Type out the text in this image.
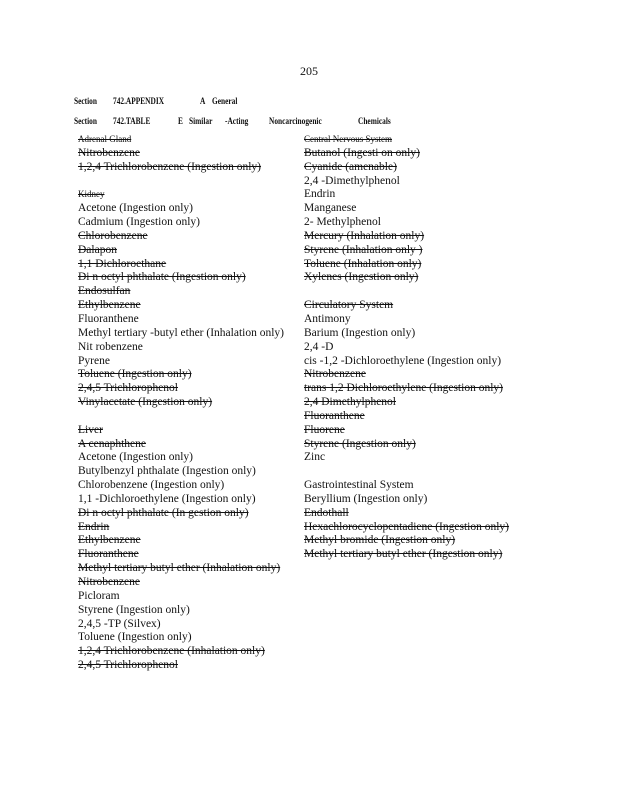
205
Section 742.APPENDIX	A General
Section 742.TABLE	E Similar -Acting Noncarcinogenic	Chemicals
Adrenal Gland
Nitrobenzene
1,2,4 Trichlorobenzene (Ingestion only)
Kidney
Acetone (Ingestion only)
Cadmium (Ingestion only)
Chlorobenzene
Dalapon
1,1 Dichloroethane
Di n octyl phthalate (Ingestion only)
Endosulfan
Ethylbenzene
Fluoranthene
Methyl tertiary -butyl ether (Inhalation only)
Nit robenzene
Pyrene
Toluene (Ingestion only)
2,4,5 Trichlorophenol
Vinylacetate (Ingestion only)
Liver
A cenaphthene
Acetone (Ingestion only)
Butylbenzyl phthalate (Ingestion only)
Chlorobenzene (Ingestion only)
1,1 -Dichloroethylene (Ingestion only)
Di n octyl phthalate (In gestion only)
Endrin
Ethylbenzene
Fluoranthene
Methyl tertiary butyl ether (Inhalation only)
Nitrobenzene
Picloram
Styrene (Ingestion only)
2,4,5 -TP (Silvex)
Toluene (Ingestion only)
1,2,4 Trichlorobenzene (Inhalation only)
2,4,5 Trichlorophenol
Central Nervous System
Butanol (Ingesti on only)
Cyanide (amenable)
2,4 -Dimethylphenol
Endrin
Manganese
2- Methylphenol
Mercury (Inhalation only)
Styrene (Inhalation only )
Toluene (Inhalation only)
Xylenes (Ingestion only)
Circulatory System
Antimony
Barium (Ingestion only)
2,4 -D
cis -1,2 -Dichloroethylene (Ingestion only)
Nitrobenzene
trans 1,2 Dichloroethylene (Ingestion only)
2,4 Dimethylphenol
Fluoranthene
Fluorene
Styrene (Ingestion only)
Zinc
Gastrointestinal System
Beryllium (Ingestion only)
Endothall
Hexachlorocyclopentadiene (Ingestion only)
Methyl bromide (Ingestion only)
Methyl tertiary butyl ether (Ingestion only)
